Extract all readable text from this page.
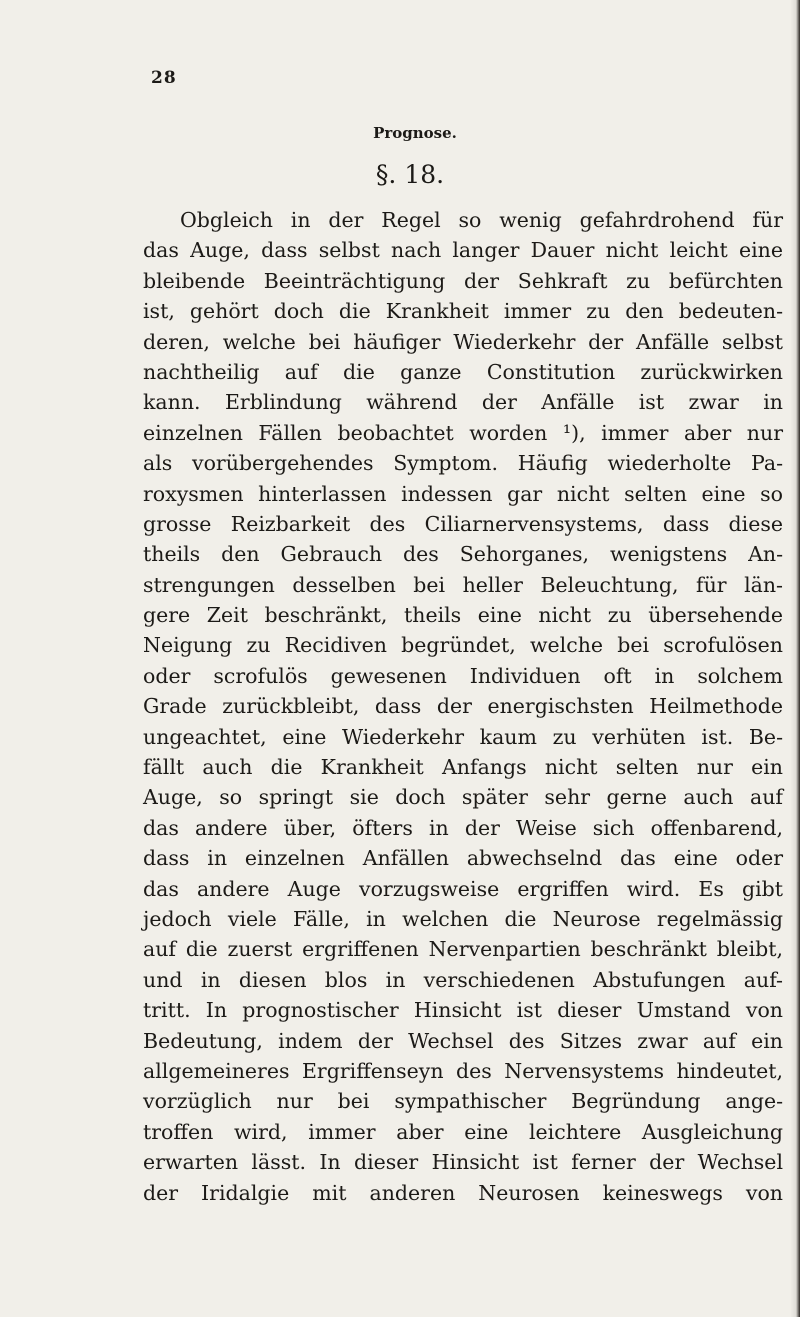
28
Prognose.
§. 18.
Obgleich in der Regel so wenig gefahrdrohend für
das Auge, dass selbst nach langer Dauer nicht leicht eine
bleibende Beeinträchtigung der Sehkraft zu befürchten
ist, gehört doch die Krankheit immer zu den bedeuten-
deren, welche bei häufiger Wiederkehr der Anfälle selbst
nachtheilig auf die ganze Constitution zurückwirken
kann. Erblindung während der Anfälle ist zwar in
einzelnen Fällen beobachtet worden ¹), immer aber nur
als vorübergehendes Symptom. Häufig wiederholte Pa-
roxysmen hinterlassen indessen gar nicht selten eine so
grosse Reizbarkeit des Ciliarnervensystems, dass diese
theils den Gebrauch des Sehorganes, wenigstens An-
strengungen desselben bei heller Beleuchtung, für län-
gere Zeit beschränkt, theils eine nicht zu übersehende
Neigung zu Recidiven begründet, welche bei scrofulösen
oder scrofulös gewesenen Individuen oft in solchem
Grade zurückbleibt, dass der energischsten Heilmethode
ungeachtet, eine Wiederkehr kaum zu verhüten ist. Be-
fällt auch die Krankheit Anfangs nicht selten nur ein
Auge, so springt sie doch später sehr gerne auch auf
das andere über, öfters in der Weise sich offenbarend,
dass in einzelnen Anfällen abwechselnd das eine oder
das andere Auge vorzugsweise ergriffen wird. Es gibt
jedoch viele Fälle, in welchen die Neurose regelmässig
auf die zuerst ergriffenen Nervenpartien beschränkt bleibt,
und in diesen blos in verschiedenen Abstufungen auf-
tritt. In prognostischer Hinsicht ist dieser Umstand von
Bedeutung, indem der Wechsel des Sitzes zwar auf ein
allgemeineres Ergriffenseyn des Nervensystems hindeutet,
vorzüglich nur bei sympathischer Begründung ange-
troffen wird, immer aber eine leichtere Ausgleichung
erwarten lässt. In dieser Hinsicht ist ferner der Wechsel
der Iridalgie mit anderen Neurosen keineswegs von
